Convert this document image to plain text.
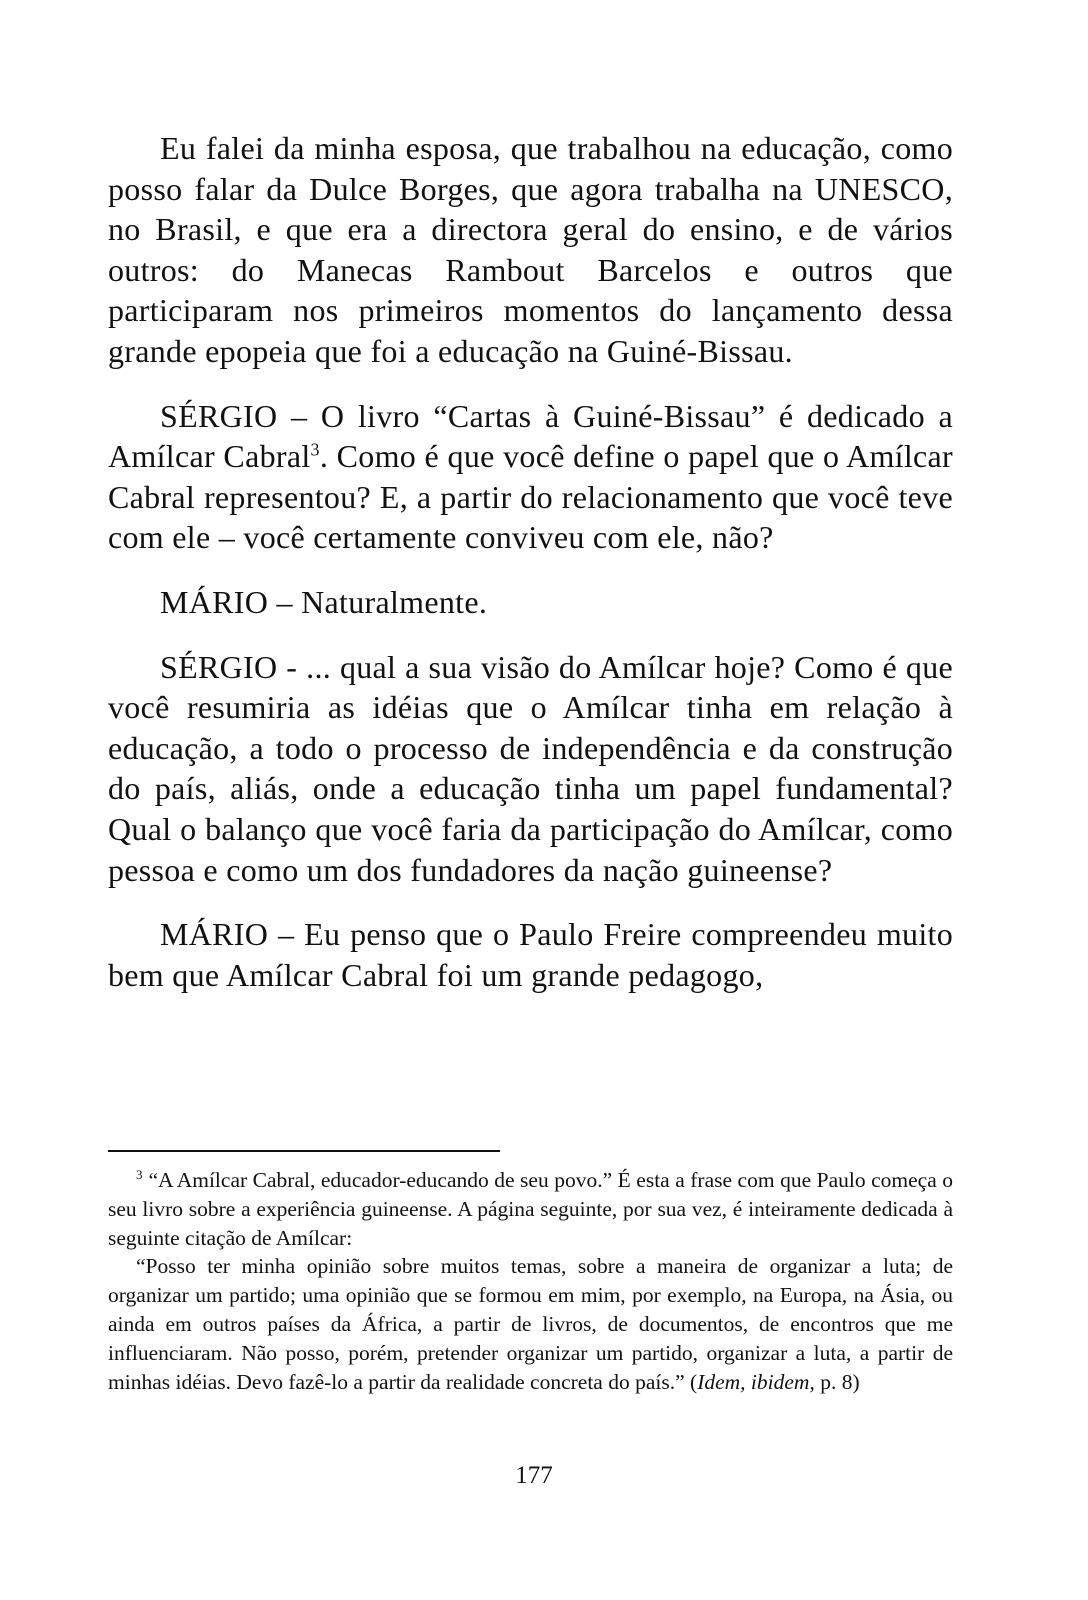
Eu falei da minha esposa, que trabalhou na educação, como posso falar da Dulce Borges, que agora trabalha na UNESCO, no Brasil, e que era a directora geral do ensino, e de vários outros: do Manecas Rambout Barcelos e outros que participaram nos primeiros momentos do lançamento dessa grande epopeia que foi a educação na Guiné-Bissau.

SÉRGIO – O livro “Cartas à Guiné-Bissau” é dedicado a Amílcar Cabral$^3$. Como é que você define o papel que o Amílcar Cabral representou? E, a partir do relacionamento que você teve com ele – você certamente conviveu com ele, não?

MÁRIO – Naturalmente.

SÉRGIO - ... qual a sua visão do Amílcar hoje? Como é que você resumiria as idéias que o Amílcar tinha em relação à educação, a todo o processo de independência e da construção do país, aliás, onde a educação tinha um papel fundamental? Qual o balanço que você faria da participação do Amílcar, como pessoa e como um dos fundadores da nação guineense?

MÁRIO – Eu penso que o Paulo Freire compreendeu muito bem que Amílcar Cabral foi um grande pedagogo,

$^3$ “A Amílcar Cabral, educador-educando de seu povo.” É esta a frase com que Paulo começa o seu livro sobre a experiência guineense. A página seguinte, por sua vez, é inteiramente dedicada à seguinte citação de Amílcar:

“Posso ter minha opinião sobre muitos temas, sobre a maneira de organizar a luta; de organizar um partido; uma opinião que se formou em mim, por exemplo, na Europa, na Ásia, ou ainda em outros países da África, a partir de livros, de documentos, de encontros que me influenciaram. Não posso, porém, pretender organizar um partido, organizar a luta, a partir de minhas idéias. Devo fazê-lo a partir da realidade concreta do país.” (Idem, ibidem, p. 8)

177
